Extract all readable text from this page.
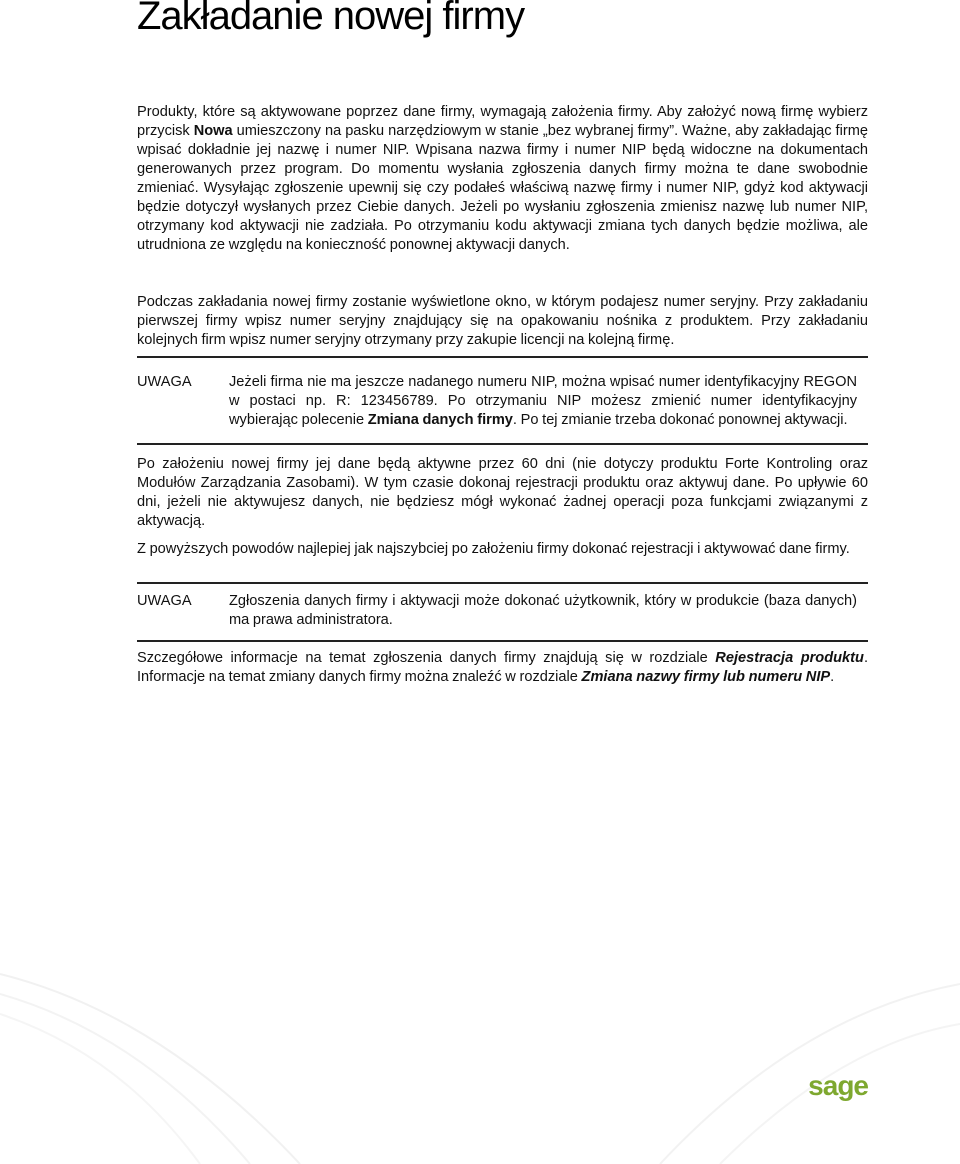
Zakładanie nowej firmy

Produkty, które są aktywowane poprzez dane firmy, wymagają założenia firmy. Aby założyć nową firmę wybierz przycisk Nowa umieszczony na pasku narzędziowym w stanie „bez wybranej firmy”. Ważne, aby zakładając firmę wpisać dokładnie jej nazwę i numer NIP. Wpisana nazwa firmy i numer NIP będą widoczne na dokumentach generowanych przez program. Do momentu wysłania zgłoszenia danych firmy można te dane swobodnie zmieniać. Wysyłając zgłoszenie upewnij się czy podałeś właściwą nazwę firmy i numer NIP, gdyż kod aktywacji będzie dotyczył wysłanych przez Ciebie danych. Jeżeli po wysłaniu zgłoszenia zmienisz nazwę lub numer NIP, otrzymany kod aktywacji nie zadziała. Po otrzymaniu kodu aktywacji zmiana tych danych będzie możliwa, ale utrudniona ze względu na konieczność ponownej aktywacji danych.

Podczas zakładania nowej firmy zostanie wyświetlone okno, w którym podajesz numer seryjny. Przy zakładaniu pierwszej firmy wpisz numer seryjny znajdujący się na opakowaniu nośnika z produktem. Przy zakładaniu kolejnych firm wpisz numer seryjny otrzymany przy zakupie licencji na kolejną firmę.

UWAGA	Jeżeli firma nie ma jeszcze nadanego numeru NIP, można wpisać numer identyfikacyjny REGON w postaci np. R: 123456789. Po otrzymaniu NIP możesz zmienić numer identyfikacyjny wybierając polecenie Zmiana danych firmy. Po tej zmianie trzeba dokonać ponownej aktywacji.

Po założeniu nowej firmy jej dane będą aktywne przez 60 dni (nie dotyczy produktu Forte Kontroling oraz Modułów Zarządzania Zasobami). W tym czasie dokonaj rejestracji produktu oraz aktywuj dane. Po upływie 60 dni, jeżeli nie aktywujesz danych, nie będziesz mógł wykonać żadnej operacji poza funkcjami związanymi z aktywacją.

Z powyższych powodów najlepiej jak najszybciej po założeniu firmy dokonać rejestracji i aktywować dane firmy.

UWAGA	Zgłoszenia danych firmy i aktywacji może dokonać użytkownik, który w produkcie (baza danych) ma prawa administratora.

Szczegółowe informacje na temat zgłoszenia danych firmy znajdują się w rozdziale Rejestracja produktu. Informacje na temat zmiany danych firmy można znaleźć w rozdziale Zmiana nazwy firmy lub numeru NIP.

sage
